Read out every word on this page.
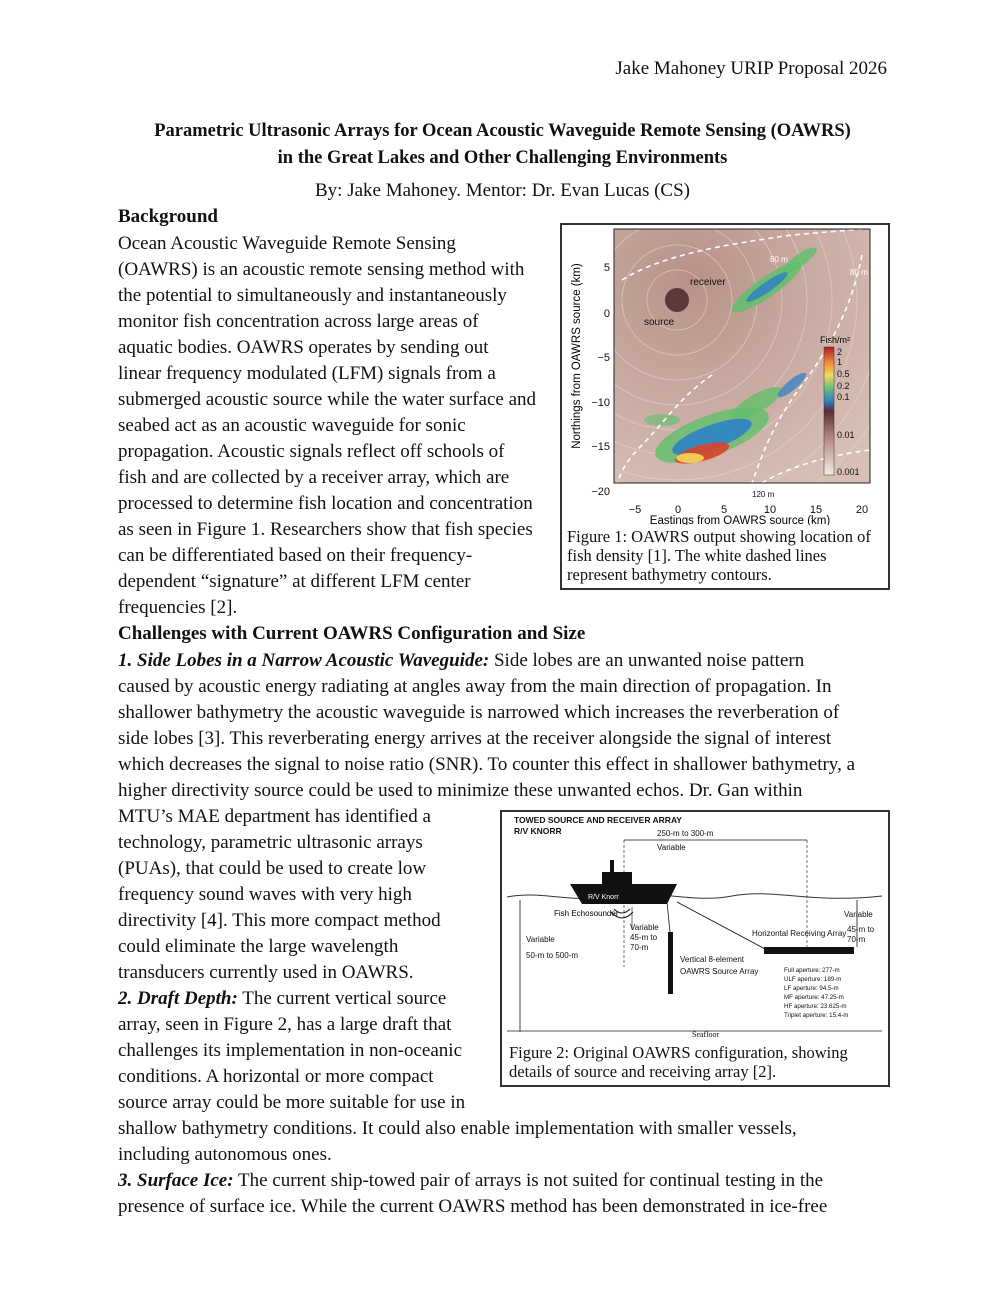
Jake Mahoney URIP Proposal 2026
Parametric Ultrasonic Arrays for Ocean Acoustic Waveguide Remote Sensing (OAWRS)
in the Great Lakes and Other Challenging Environments
By: Jake Mahoney. Mentor: Dr. Evan Lucas (CS)
Background
Ocean Acoustic Waveguide Remote Sensing
(OAWRS) is an acoustic remote sensing method with
the potential to simultaneously and instantaneously
monitor fish concentration across large areas of
aquatic bodies. OAWRS operates by sending out
linear frequency modulated (LFM) signals from a
submerged acoustic source while the water surface and
seabed act as an acoustic waveguide for sonic
propagation. Acoustic signals reflect off schools of
fish and are collected by a receiver array, which are
processed to determine fish location and concentration
as seen in Figure 1. Researchers show that fish species
can be differentiated based on their frequency-
dependent “signature” at different LFM center
frequencies [2].
Fish/m²
2
1
0.5
0.2
0.1
0.01
0.001
receiver
source
80 m
80 m
120 m
−5	0	5	10	15	20
5
0
−5
−10
−15
−20
Eastings from OAWRS source (km)
Northings from OAWRS source (km)
Figure 1: OAWRS output showing location of
fish density [1]. The white dashed lines
represent bathymetry contours.
Challenges with Current OAWRS Configuration and Size
1. Side Lobes in a Narrow Acoustic Waveguide: Side lobes are an unwanted noise pattern
caused by acoustic energy radiating at angles away from the main direction of propagation. In
shallower bathymetry the acoustic waveguide is narrowed which increases the reverberation of
side lobes [3]. This reverberating energy arrives at the receiver alongside the signal of interest
which decreases the signal to noise ratio (SNR). To counter this effect in shallower bathymetry, a
higher directivity source could be used to minimize these unwanted echos. Dr. Gan within
MTU’s MAE department has identified a
technology, parametric ultrasonic arrays
(PUAs), that could be used to create low
frequency sound waves with very high
directivity [4]. This more compact method
could eliminate the large wavelength
transducers currently used in OAWRS.
2. Draft Depth: The current vertical source
array, seen in Figure 2, has a large draft that
challenges its implementation in non-oceanic
conditions. A horizontal or more compact
source array could be more suitable for use in
shallow bathymetry conditions. It could also enable implementation with smaller vessels,
including autonomous ones.
3. Surface Ice: The current ship-towed pair of arrays is not suited for continual testing in the
presence of surface ice. While the current OAWRS method has been demonstrated in ice-free
TOWED SOURCE AND RECEIVER ARRAY
R/V KNORR	250-m to 300-m
Variable
R/V Knorr
Fish Echosounder
Variable
50-m to 500-m
Variable
45-m to
70-m
Vertical 8-element
OAWRS Source Array
Horizontal Receiving Array
Variable
45-m to
70-m
Full aperture: 277-m
ULF aperture: 189-m
LF aperture: 94.5-m
MF aperture: 47.25-m
HF aperture: 23.625-m
Triplet aperture: 15.4-m
Seafloor
Figure 2: Original OAWRS configuration, showing
details of source and receiving array [2].
